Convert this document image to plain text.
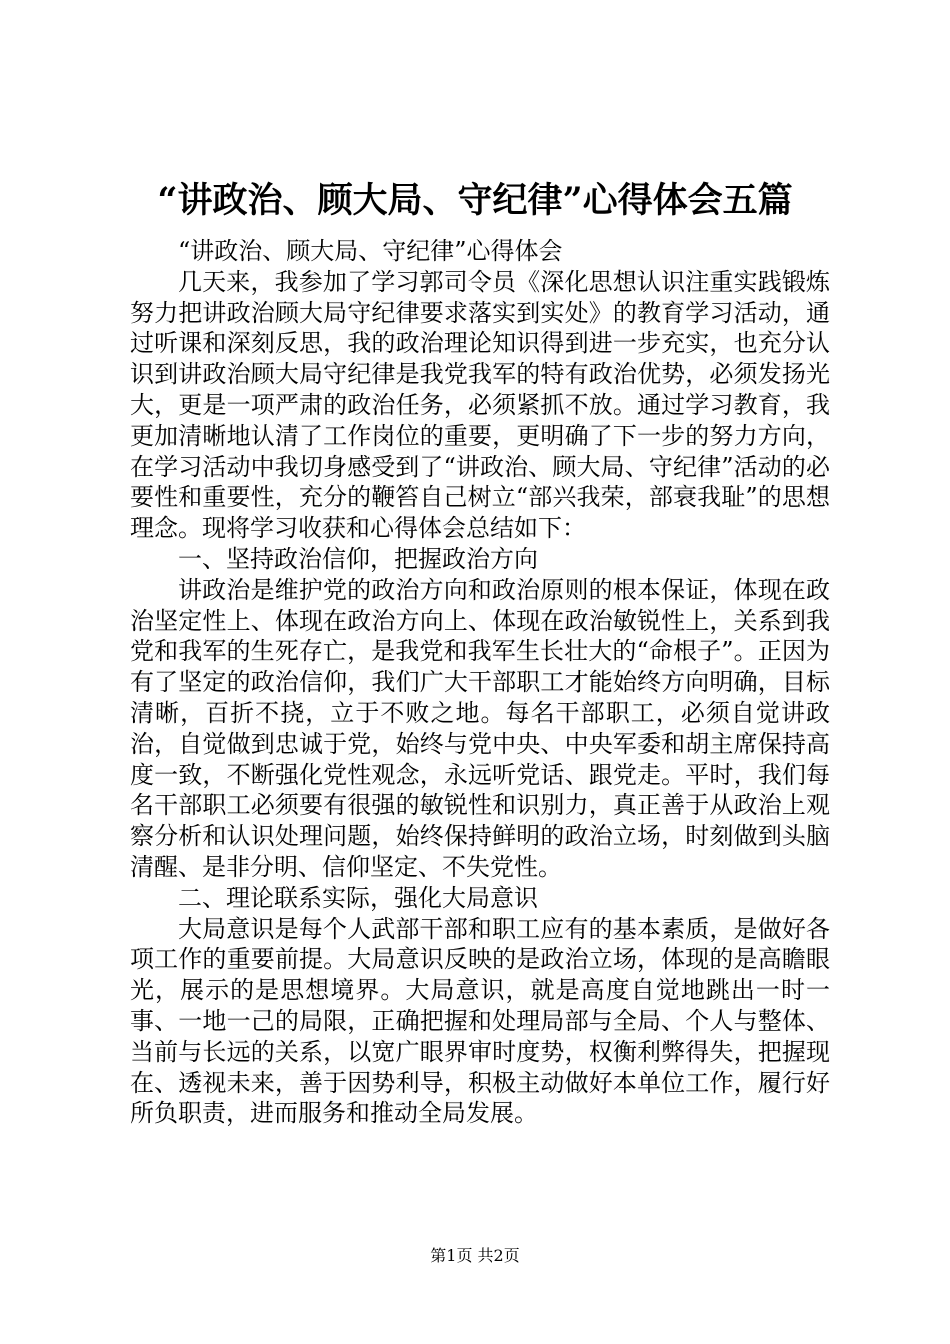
“讲政治、顾大局、守纪律”心得体会五篇

“讲政治、顾大局、守纪律”心得体会

几天来，我参加了学习郭司令员《深化思想认识注重实践锻炼努力把讲政治顾大局守纪律要求落实到实处》的教育学习活动，通过听课和深刻反思，我的政治理论知识得到进一步充实，也充分认识到讲政治顾大局守纪律是我党我军的特有政治优势，必须发扬光大，更是一项严肃的政治任务，必须紧抓不放。通过学习教育，我更加清晰地认清了工作岗位的重要，更明确了下一步的努力方向，在学习活动中我切身感受到了“讲政治、顾大局、守纪律”活动的必要性和重要性，充分的鞭笞自己树立“部兴我荣，部衰我耻”的思想理念。现将学习收获和心得体会总结如下：

一、坚持政治信仰，把握政治方向

讲政治是维护党的政治方向和政治原则的根本保证，体现在政治坚定性上、体现在政治方向上、体现在政治敏锐性上，关系到我党和我军的生死存亡，是我党和我军生长壮大的“命根子”。正因为有了坚定的政治信仰，我们广大干部职工才能始终方向明确，目标清晰，百折不挠，立于不败之地。每名干部职工，必须自觉讲政治，自觉做到忠诚于党，始终与党中央、中央军委和胡主席保持高度一致，不断强化党性观念，永远听党话、跟党走。平时，我们每名干部职工必须要有很强的敏锐性和识别力，真正善于从政治上观察分析和认识处理问题，始终保持鲜明的政治立场，时刻做到头脑清醒、是非分明、信仰坚定、不失党性。

二、理论联系实际，强化大局意识

大局意识是每个人武部干部和职工应有的基本素质，是做好各项工作的重要前提。大局意识反映的是政治立场，体现的是高瞻眼光，展示的是思想境界。大局意识，就是高度自觉地跳出一时一事、一地一己的局限，正确把握和处理局部与全局、个人与整体、当前与长远的关系，以宽广眼界审时度势，权衡利弊得失，把握现在、透视未来，善于因势利导，积极主动做好本单位工作，履行好所负职责，进而服务和推动全局发展。

第1页 共2页
